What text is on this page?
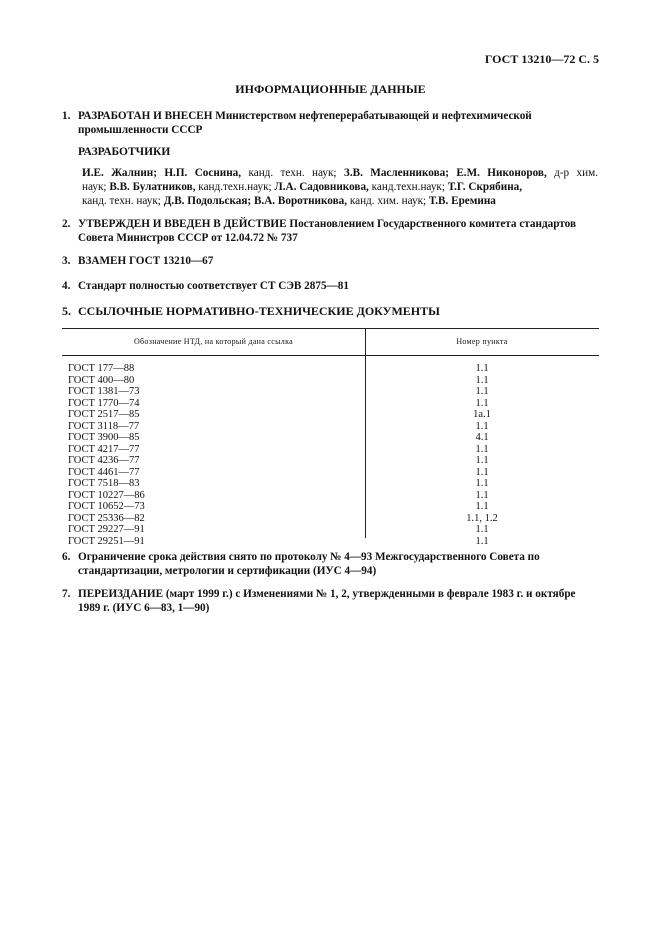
ГОСТ 13210—72 С. 5
ИНФОРМАЦИОННЫЕ ДАННЫЕ
1. РАЗРАБОТАН И ВНЕСЕН Министерством нефтеперерабатывающей и нефтехимической промышленности СССР
РАЗРАБОТЧИКИ
И.Е. Жалнин; Н.П. Соснина, канд. техн. наук; З.В. Масленникова; Е.М. Никоноров, д-р хим.
наук; В.В. Булатников, канд.техн.наук; Л.А. Садовникова, канд.техн.наук; Т.Г. Скрябина,
канд. техн. наук; Д.В. Подольская; В.А. Воротникова, канд. хим. наук; Т.В. Еремина
2. УТВЕРЖДЕН И ВВЕДЕН В ДЕЙСТВИЕ Постановлением Государственного комитета стандартов Совета Министров СССР от 12.04.72 № 737
3. ВЗАМЕН ГОСТ 13210—67
4. Стандарт полностью соответствует СТ СЭВ 2875—81
5. ССЫЛОЧНЫЕ НОРМАТИВНО-ТЕХНИЧЕСКИЕ ДОКУМЕНТЫ
Обозначение НТД, на который дана ссылка	Номер пункта
ГОСТ 177—88	1.1
ГОСТ 400—80	1.1
ГОСТ 1381—73	1.1
ГОСТ 1770—74	1.1
ГОСТ 2517—85	1а.1
ГОСТ 3118—77	1.1
ГОСТ 3900—85	4.1
ГОСТ 4217—77	1.1
ГОСТ 4236—77	1.1
ГОСТ 4461—77	1.1
ГОСТ 7518—83	1.1
ГОСТ 10227—86	1.1
ГОСТ 10652—73	1.1
ГОСТ 25336—82	1.1, 1.2
ГОСТ 29227—91	1.1
ГОСТ 29251—91	1.1
6. Ограничение срока действия снято по протоколу № 4—93 Межгосударственного Совета по стандартизации, метрологии и сертификации (ИУС 4—94)
7. ПЕРЕИЗДАНИЕ (март 1999 г.) с Изменениями № 1, 2, утвержденными в феврале 1983 г. и октябре 1989 г. (ИУС 6—83, 1—90)
